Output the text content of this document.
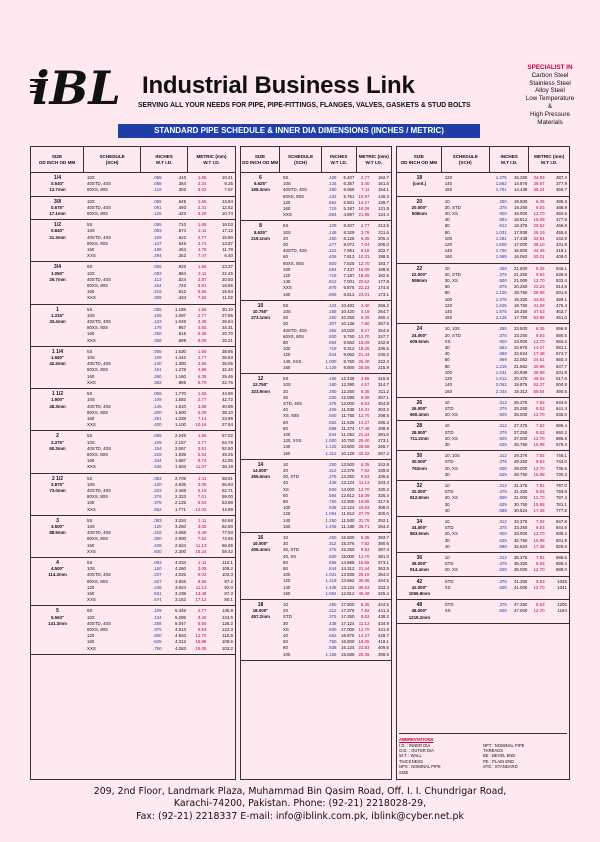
iBL Industrial Business Link
SERVING ALL YOUR NEEDS FOR PIPE, PIPE-FITTINGS, FLANGES, VALVES, GASKETS & STUD BOLTS
SPECIALIST IN
Carbon Steel
Stainless Steel
Alloy Steel
Low Temperature
&
High Pressure
Materials
STANDARD PIPE SCHEDULE & INNER DIA DIMENSIONS (INCHES / METRIC)
SIZE
OD INCH OD MM
SCHEDULE
(SCH)
INCHES
W.T I.D.
METRIC (mm)
W.T I.D.
1/4
0.540"
13.7mm
10S	.065	.410	1.65	10.41
40STD, 40S	.088	.364	2.24	9.25
80XS, 80S	.119	.302	3.02	7.67
3/8
0.675"
17.1mm
10S	.065	.545	1.65	13.84
40STD, 40S	.091	.493	2.31	12.52
80XS, 80S	.126	.423	3.20	10.74
1/2
0.840"
21.3mm
5S	.065	.710	1.65	18.03
10S	.083	.674	2.11	17.12
40STD, 40S	.109	.622	2.77	15.80
80XS, 80S	.147	.546	3.73	13.87
160	.188	.464	4.78	11.79
XXS	.294	.252	7.47	6.40
3/4
1.050"
26.7mm
5S	.065	.920	1.65	23.37
10S	.083	.884	2.11	22.45
40STD, 40S	.113	.824	2.87	20.93
80XS, 80S	.154	.742	3.91	18.85
160	.219	.612	5.56	15.54
XXS	.308	.434	7.82	11.02
1
1.315"
33.4mm
5S	.065	1.185	1.65	30.10
10S	.109	1.097	2.77	27.86
40STD, 40S	.133	1.049	3.38	26.64
80XS, 80S	.179	.957	4.55	24.31
160	.250	.815	6.35	20.70
XXS	.358	.599	9.09	15.21
1 1/4
1.660"
42.2mm
5S	.065	1.530	1.65	38.86
10S	.109	1.442	2.77	36.63
40STD, 40S	.140	1.380	3.56	35.05
80XS, 80S	.191	1.278	4.85	32.46
160	.250	1.160	6.35	29.46
XXS	.382	.896	9.70	22.76
1 1/2
1.900"
48.3mm
5S	.065	1.770	1.65	44.96
10S	.109	1.682	2.77	42.72
40STD, 40S	.145	1.610	3.68	40.89
80XS, 80S	.200	1.500	5.08	38.10
160	.281	1.338	7.14	33.99
XXS	.400	1.100	10.16	27.94
2
2.375"
60.3mm
5S	.065	2.245	1.65	57.02
10S	.109	2.157	2.77	54.79
40STD, 40S	.154	2.067	3.91	52.50
80XS, 80S	.218	1.939	5.54	49.25
160	.344	1.687	8.74	42.85
XXS	.436	1.503	11.07	38.18
2 1/2
2.875"
73.0mm
5S	.083	2.709	2.11	68.81
10S	.120	2.635	3.05	66.93
40STD, 40S	.203	2.469	5.16	62.71
80XS, 80S	.276	2.323	7.01	59.00
160	.375	2.125	9.53	53.98
XXS	.552	1.771	14.02	44.98
3
3.500"
88.9mm
5S	.083	3.334	2.11	84.68
10S	.120	3.260	3.05	82.80
40STD, 40S	.216	3.068	5.49	77.93
80XS, 80S	.300	2.900	7.62	73.66
160	.438	2.624	11.13	66.65
XXS	.600	2.300	15.24	58.42
4
4.500"
114.3mm
5S	.083	4.334	2.11	110.1
10S	.120	4.260	3.05	108.2
40STD, 40S	.237	4.026	6.02	102.3
80XS, 80S	.337	3.826	8.56	97.2
120	.438	3.624	11.13	92.0
160	.531	3.438	13.49	87.3
XXS	.674	3.152	17.12	80.1
5
5.563"
141.3mm
5S	.109	5.345	2.77	135.8
10S	.134	5.295	3.40	134.5
40STD, 40S	.258	5.047	6.55	128.2
80XS, 80S	.375	4.813	9.53	122.3
120	.500	4.563	12.70	115.9
160	.625	4.313	15.88	109.6
XXS	.750	4.063	19.05	103.2
SIZE
OD INCH OD MM
SCHEDULE
(SCH)
INCHES
W.T I.D.
METRIC (mm)
W.T I.D.
6
6.625"
168.3mm
5S	.109	6.407	2.77	162.7
10S	.134	6.357	3.40	161.5
40STD, 40S	.280	6.065	7.11	154.1
80XS, 80S	.432	5.761 10.97	146.3
120	.562	5.501 14.27	139.7
160	.719	5.187 18.26	131.8
XXS	.864	4.897 21.95	124.4
8
8.625"
219.1mm
5S	.109	8.407	2.77	213.5
10S	.148	8.329	3.76	211.6
20	.250	8.125	6.35	206.4
30	.277	8.071	7.04	205.0
40STD, 40S	.322	7.981	8.18	202.7
60	.406	7.813 10.31	198.5
80XS, 80S	.500	7.625 12.70	193.7
100	.594	7.437 15.09	188.9
120	.719	7.187 18.26	182.5
140	.812	7.001 20.62	177.8
XXS	.875	6.875 22.23	174.6
160	.906	6.813 23.01	173.1
10
10.750"
273.1mm
5S	.134	10.482	3.40	266.2
10S	.165	10.420	4.19	264.7
20	.250	10.250	6.35	260.4
30	.307	10.136	7.80	257.5
40STD, 40S	.365	10.020	9.27	254.5
60XS, 80S	.500	9.750 12.70	247.7
80	.594	9.562 15.09	242.9
100	.719	9.312 18.26	236.5
120	.844	9.062 21.44	230.2
140, XXS	1.000	8.750 25.40	222.3
160	1.125	8.500 28.58	215.9
12
12.750"
323.9mm
5S	.156	12.438	3.96	315.9
10S	.180	12.390	4.57	314.7
20	.250	12.250	6.35	311.2
30	.330	12.090	8.38	307.1
STD, 40S	.375	12.000	9.53	304.8
40	.406	11.938 10.31	303.2
XS, 80S	.500	11.750 12.70	298.5
60	.562	11.626 14.27	295.3
80	.688	11.374 17.48	288.9
100	.844	11.062 21.44	281.0
120, XXS	1.000	10.750 25.40	273.1
140	1.125	10.500 28.58	266.7
160	1.312	10.126 33.32	257.2
14
14.000"
355.6mm
10	.250	13.500	6.35	342.9
20	.312	13.376	7.92	339.8
30, STD	.375	13.250	9.53	336.6
40	.438	13.124 11.13	333.3
XS	.500	13.000 12.70	330.2
60	.594	12.812 15.09	325.4
80	.750	12.500 19.05	317.5
100	.938	12.124 23.83	308.0
120	1.094	11.812 27.79	300.0
140	1.250	11.500 31.75	292.1
160	1.406	11.188 35.71	284.2
16
16.000"
406.4mm
10	.250	15.500	6.35	393.7
20	.312	15.376	7.92	390.6
30, STD	.375	15.250	9.53	387.4
40, XS	.500	15.000 12.70	381.0
60	.656	14.688 16.66	373.1
80	.844	14.312 21.44	363.5
100	1.031	13.938 26.19	354.0
120	1.219	13.562 30.96	344.5
140	1.438	13.124 36.53	333.3
160	1.594	12.812 40.49	325.4
18
18.000"
457.2mm
10	.250	17.500	6.35	444.5
20	.312	17.376	7.92	441.3
STD	.375	17.250	9.53	438.2
30	.438	17.124 11.13	434.9
XS	.500	17.000 12.70	431.8
40	.562	16.876 14.27	428.7
60	.750	16.500 19.05	419.1
80	.938	16.124 23.83	409.6
100	1.156	15.688 29.36	398.5
SIZE
OD INCH OD MM
SCHEDULE
(SCH)
INCHES
W.T I.D.
METRIC (mm)
W.T I.D.
18
(cont.)
120	1.375	15.250	34.93	387.4
140	1.562	14.876	39.67	377.9
160	1.781	14.438	45.24	366.7
20
20.000"
508mm
10	.250	19.500	6.35	495.3
20, STD	.375	19.250	9.53	488.9
30, XS	.500	19.000	12.70	482.6
40	.594	18.812	15.09	477.8
60	.812	18.376	20.62	466.8
80	1.031	17.938	26.19	455.6
100	1.281	17.438	32.54	442.9
120	1.500	17.000	38.10	431.8
140	1.750	16.500	44.45	419.1
160	1.969	16.062	50.01	408.0
22
22.000"
559mm
10	.250	21.500	6.35	546.1
20, STD	.375	21.250	9.53	539.8
30, XS	.500	21.000	12.70	533.4
60	.875	20.250	22.23	514.5
80	1.125	19.750	28.58	501.6
100	1.375	19.250	34.93	489.1
120	1.625	18.750	41.28	476.4
140	1.875	18.250	47.63	463.7
160	2.125	17.750	53.98	451.0
24
24.000"
609.6mm
10, 10S	.250	23.500	6.35	596.9
20, STD	.375	23.250	9.53	590.5
XS	.500	23.000	12.70	584.2
30	.562	22.876	14.27	581.1
40	.688	22.624	17.48	574.7
60	.969	22.062	24.61	560.4
80	1.219	21.562	30.96	547.7
100	1.531	20.938	38.89	531.8
120	1.812	20.376	46.02	517.6
140	2.062	19.876	52.37	504.9
160	2.344	19.312	59.54	490.5
26
26.000"
660.4mm
10	.312	25.376	7.92	644.6
STD	.375	25.250	9.53	641.4
20, XS	.500	25.000	12.70	635.0
28
28.000"
711.2mm
10	.312	27.376	7.92	695.4
STD	.375	27.250	9.53	692.2
20, XS	.500	27.000	12.70	685.8
30	.625	26.750	15.88	679.4
30
30.000"
762mm
10, 10S	.312	29.376	7.92	746.1
STD	.375	29.250	9.53	743.0
20, XS	.500	29.000	12.70	736.6
30	.625	28.750	15.88	730.3
32
32.000"
812.8mm
10	.312	31.376	7.92	797.0
STD	.375	31.250	9.53	793.8
20, XS	.500	31.000	12.70	787.4
30	.625	30.750	15.88	781.1
40	.688	30.624	17.48	777.8
34
34.000"
863.6mm
10	.312	33.376	7.92	847.8
STD	.375	33.250	9.53	844.6
20, XS	.500	33.000	12.70	838.2
30	.625	32.750	15.88	831.9
40	.688	32.624	17.48	828.6
36
36.000"
914.4mm
10	.312	35.376	7.92	898.6
STD	.375	35.250	9.53	895.4
20, XS	.500	35.000	12.70	889.0
42
42.000"
1066.8mm
STD	.375	41.250	9.53	1048
XS	.500	41.000	12.70	1041
48
48.000"
1219.2mm
STD	.375	47.250	9.53	1200
XS	.500	47.000	12.70	1194
ABBREVIATIONS
I.D. : INNER DIA
O.D. : OUTER DIA
W.T. : WALL THICKNESS
NPS : NOMINAL PIPE SIZE
NPT : NOMINAL PIPE THREADS
BE : BEVEL END
PE : PLAIN END
STD : STANDARD
209, 2nd Floor, Landmark Plaza, Muhammad Bin Qasim Road, Off. I. I. Chundrigar Road,
Karachi-74200, Pakistan. Phone: (92-21) 2218028-29,
Fax: (92-21) 2218337 E-mail: info@iblink.com.pk, iblink@cyber.net.pk
